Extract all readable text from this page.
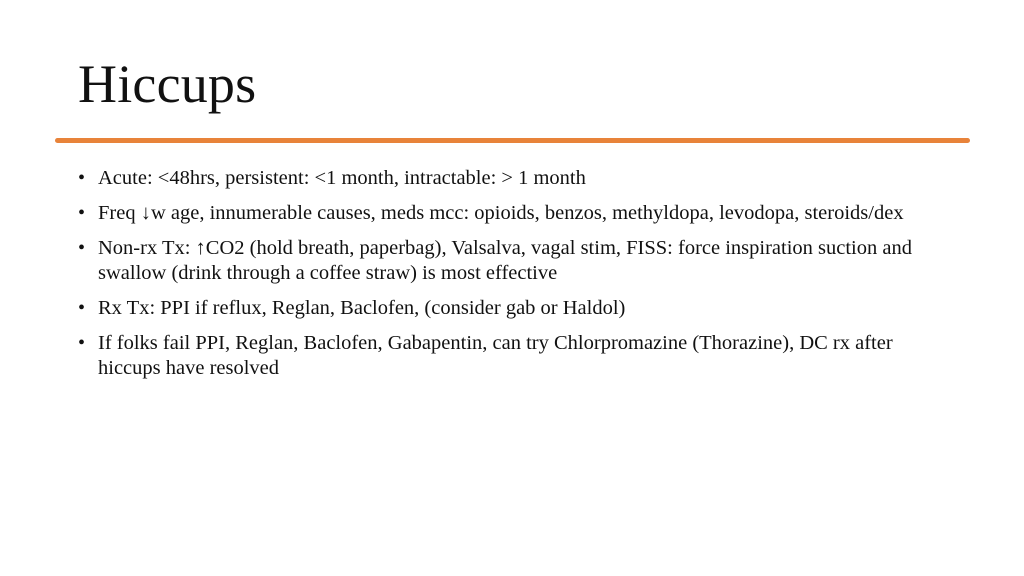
Hiccups
• Acute: <48hrs, persistent: <1 month, intractable: > 1 month
• Freq ↓w age, innumerable causes, meds mcc: opioids, benzos, methyldopa, levodopa, steroids/dex
• Non-rx Tx: ↑CO2 (hold breath, paperbag), Valsalva, vagal stim, FISS: force inspiration suction and swallow (drink through a coffee straw) is most effective
• Rx Tx: PPI if reflux, Reglan, Baclofen, (consider gab or Haldol)
• If folks fail PPI, Reglan, Baclofen, Gabapentin, can try Chlorpromazine (Thorazine), DC rx after hiccups have resolved
